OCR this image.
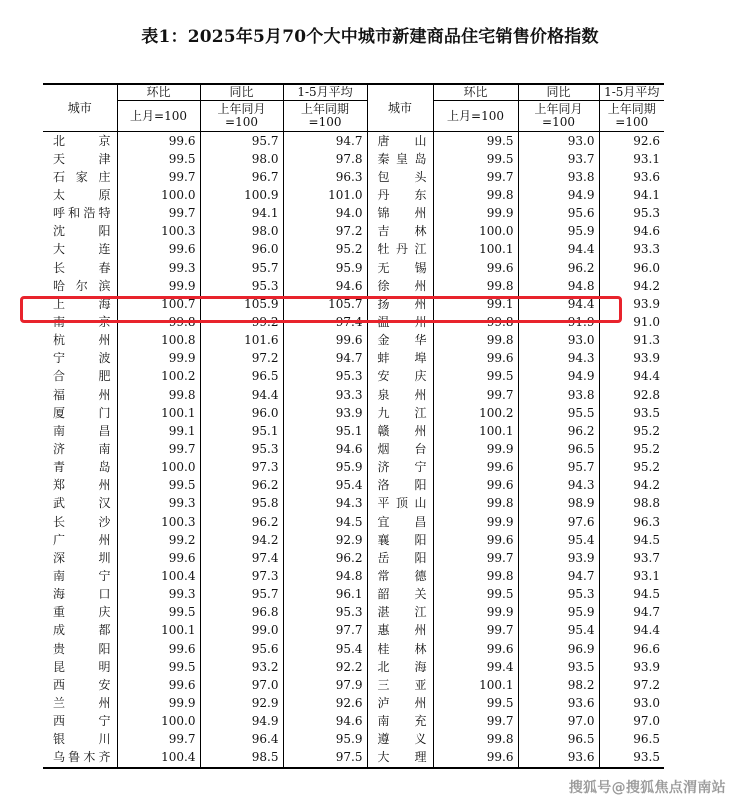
表1：2025年5月70个大中城市新建商品住宅销售价格指数
城市	环比	同比	1-5月平均	城市	环比	同比	1-5月平均
	上月=100	上年同月=100	上年同期=100		上月=100	上年同月=100	上年同期=100
北京	99.6	95.7	94.7	唐山	99.5	93.0	92.6
天津	99.5	98.0	97.8	秦皇岛	99.5	93.7	93.1
石家庄	99.7	96.7	96.3	包头	99.7	93.8	93.6
太原	100.0	100.9	101.0	丹东	99.8	94.9	94.1
呼和浩特	99.7	94.1	94.0	锦州	99.9	95.6	95.3
沈阳	100.3	98.0	97.2	吉林	100.0	95.9	94.6
大连	99.6	96.0	95.2	牡丹江	100.1	94.4	93.3
长春	99.3	95.7	95.9	无锡	99.6	96.2	96.0
哈尔滨	99.9	95.3	94.6	徐州	99.8	94.8	94.2
上海	100.7	105.9	105.7	扬州	99.1	94.4	93.9
南京	99.8	99.2	97.4	温州	99.8	91.9	91.0
杭州	100.8	101.6	99.6	金华	99.8	93.0	91.3
宁波	99.9	97.2	94.7	蚌埠	99.6	94.3	93.9
合肥	100.2	96.5	95.3	安庆	99.5	94.9	94.4
福州	99.8	94.4	93.3	泉州	99.7	93.8	92.8
厦门	100.1	96.0	93.9	九江	100.2	95.5	93.5
南昌	99.1	95.1	95.1	赣州	100.1	96.2	95.2
济南	99.7	95.3	94.6	烟台	99.9	96.5	95.2
青岛	100.0	97.3	95.9	济宁	99.6	95.7	95.2
郑州	99.5	96.2	95.4	洛阳	99.6	94.3	94.2
武汉	99.3	95.8	94.3	平顶山	99.8	98.9	98.8
长沙	100.3	96.2	94.5	宜昌	99.9	97.6	96.3
广州	99.2	94.2	92.9	襄阳	99.6	95.4	94.5
深圳	99.6	97.4	96.2	岳阳	99.7	93.9	93.7
南宁	100.4	97.3	94.8	常德	99.8	94.7	93.1
海口	99.3	95.7	96.1	韶关	99.5	95.3	94.5
重庆	99.5	96.8	95.3	湛江	99.9	95.9	94.7
成都	100.1	99.0	97.7	惠州	99.7	95.4	94.4
贵阳	99.6	95.6	95.4	桂林	99.6	96.9	96.6
昆明	99.5	93.2	92.2	北海	99.4	93.5	93.9
西安	99.6	97.0	97.9	三亚	100.1	98.2	97.2
兰州	99.9	92.9	92.6	泸州	99.5	93.6	93.0
西宁	100.0	94.9	94.6	南充	99.7	97.0	97.0
银川	99.7	96.4	95.9	遵义	99.8	96.5	96.5
乌鲁木齐	100.4	98.5	97.5	大理	99.6	93.6	93.5
搜狐号@搜狐焦点渭南站
